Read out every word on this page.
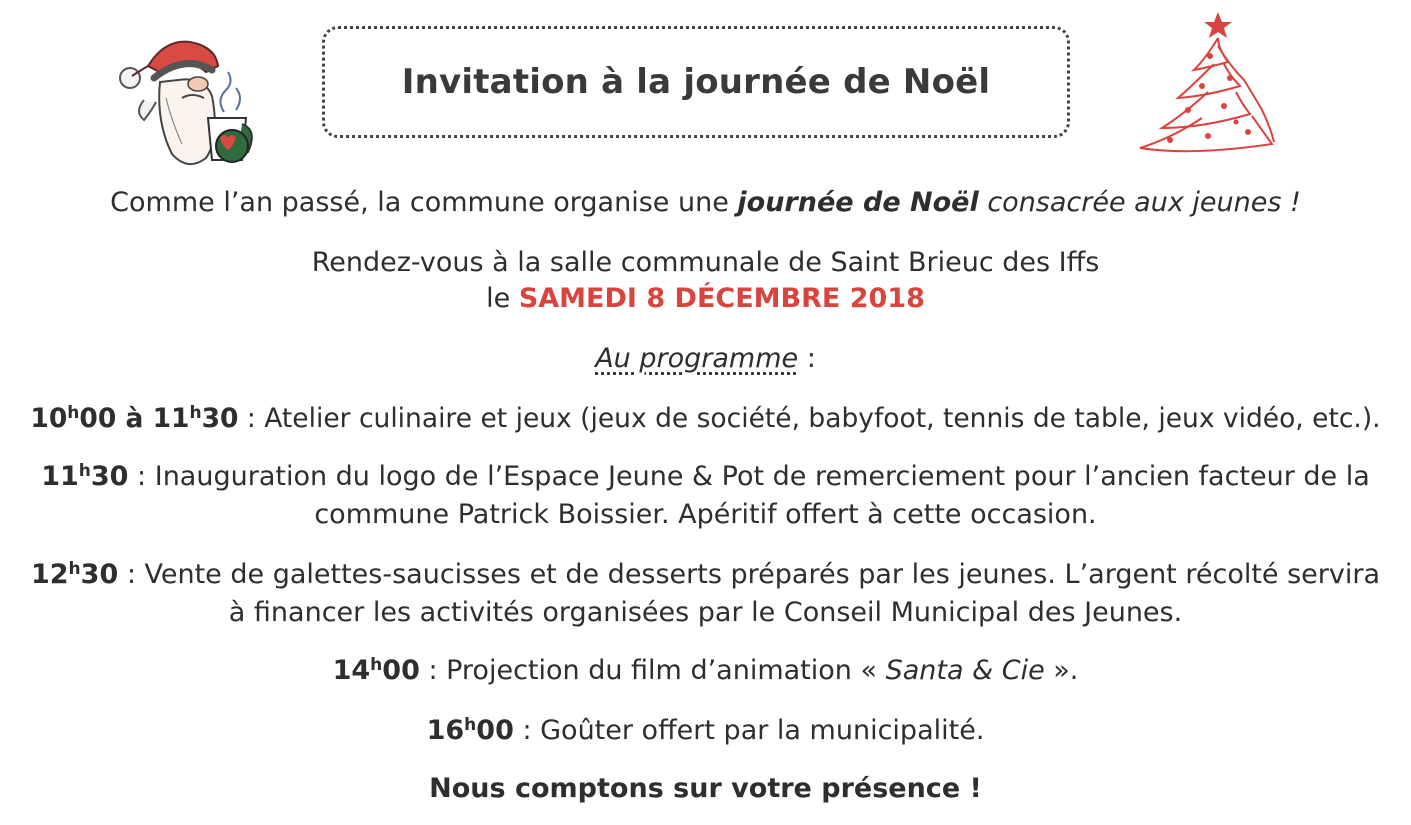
Invitation à la journée de Noël
Comme l’an passé, la commune organise une journée de Noël consacrée aux jeunes !
Rendez-vous à la salle communale de Saint Brieuc des Iffs
le SAMEDI 8 DÉCEMBRE 2018
Au programme :
10$^h$00 à 11$^h$30 : Atelier culinaire et jeux (jeux de société, babyfoot, tennis de table, jeux vidéo, etc.).
11$^h$30 : Inauguration du logo de l’Espace Jeune & Pot de remerciement pour l’ancien facteur de la
commune Patrick Boissier. Apéritif offert à cette occasion.
12$^h$30 : Vente de galettes-saucisses et de desserts préparés par les jeunes. L’argent récolté servira
à financer les activités organisées par le Conseil Municipal des Jeunes.
14$^h$00 : Projection du film d’animation « Santa & Cie ».
16$^h$00 : Goûter offert par la municipalité.
Nous comptons sur votre présence !
